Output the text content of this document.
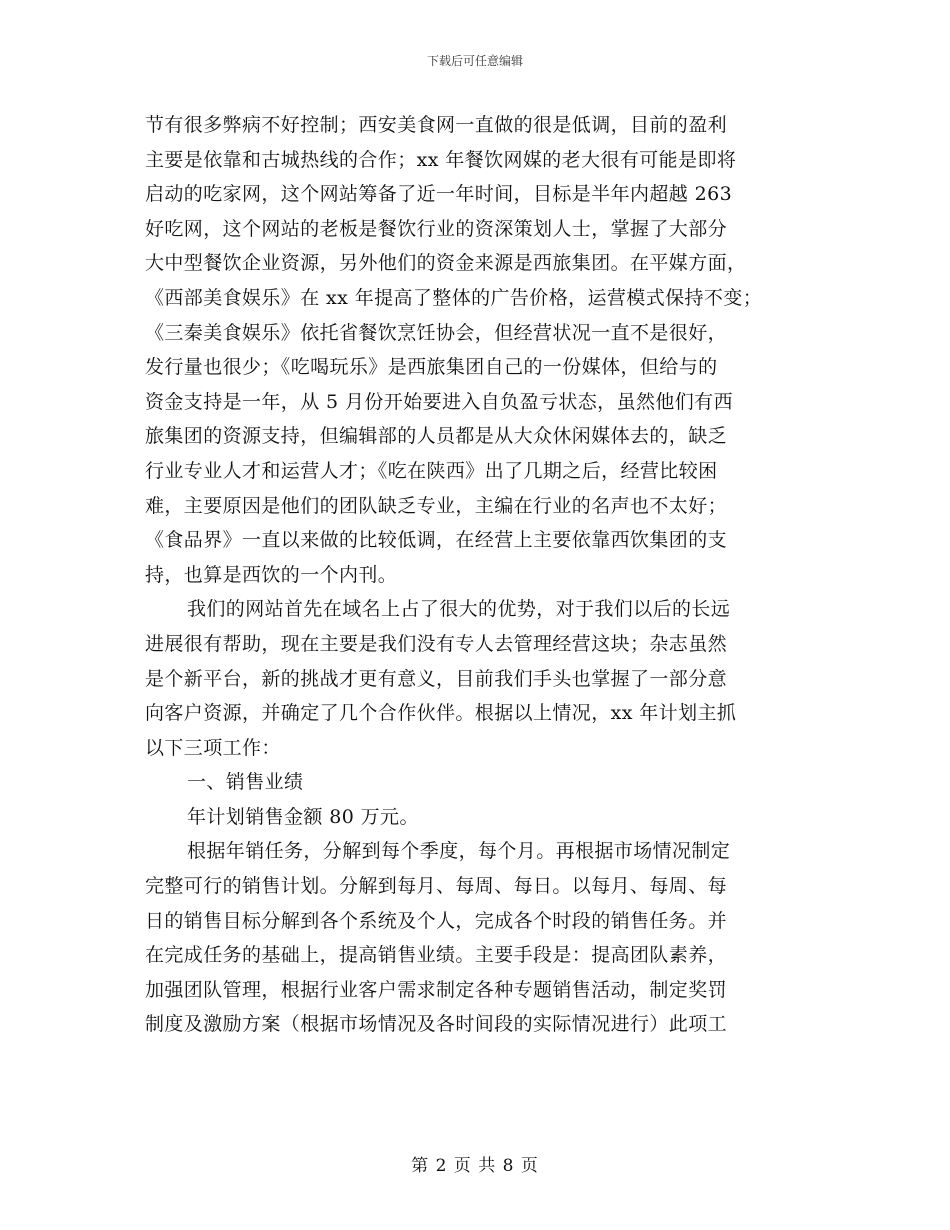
下载后可任意编辑
节有很多弊病不好控制；西安美食网一直做的很是低调，目前的盈利
主要是依靠和古城热线的合作；xx 年餐饮网媒的老大很有可能是即将
启动的吃家网，这个网站筹备了近一年时间，目标是半年内超越 263
好吃网，这个网站的老板是餐饮行业的资深策划人士，掌握了大部分
大中型餐饮企业资源，另外他们的资金来源是西旅集团。在平媒方面，
《西部美食娱乐》在 xx 年提高了整体的广告价格，运营模式保持不变；
《三秦美食娱乐》依托省餐饮烹饪协会，但经营状况一直不是很好，
发行量也很少；《吃喝玩乐》是西旅集团自己的一份媒体，但给与的
资金支持是一年，从 5 月份开始要进入自负盈亏状态，虽然他们有西
旅集团的资源支持，但编辑部的人员都是从大众休闲媒体去的，缺乏
行业专业人才和运营人才；《吃在陕西》出了几期之后，经营比较困
难，主要原因是他们的团队缺乏专业，主编在行业的名声也不太好；
《食品界》一直以来做的比较低调，在经营上主要依靠西饮集团的支
持，也算是西饮的一个内刊。
我们的网站首先在域名上占了很大的优势，对于我们以后的长远
进展很有帮助，现在主要是我们没有专人去管理经营这块；杂志虽然
是个新平台，新的挑战才更有意义，目前我们手头也掌握了一部分意
向客户资源，并确定了几个合作伙伴。根据以上情况，xx 年计划主抓
以下三项工作：
一、销售业绩
年计划销售金额 80 万元。
根据年销任务，分解到每个季度，每个月。再根据市场情况制定
完整可行的销售计划。分解到每月、每周、每日。以每月、每周、每
日的销售目标分解到各个系统及个人，完成各个时段的销售任务。并
在完成任务的基础上，提高销售业绩。主要手段是：提高团队素养，
加强团队管理，根据行业客户需求制定各种专题销售活动，制定奖罚
制度及激励方案（根据市场情况及各时间段的实际情况进行）此项工
第 2 页 共 8 页
